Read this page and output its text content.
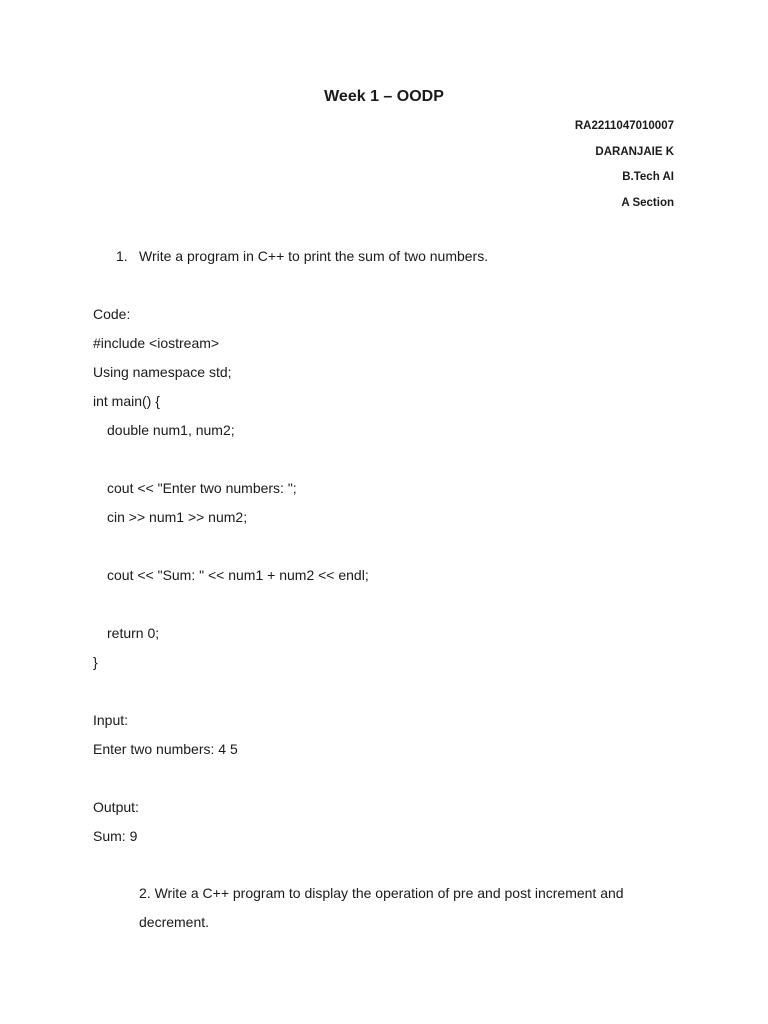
Week 1 – OODP
RA2211047010007
DARANJAIE K
B.Tech AI
A Section
1. Write a program in C++ to print the sum of two numbers.
Code:
#include <iostream>
Using namespace std;
int main() {
double num1, num2;
cout << "Enter two numbers: ";
cin >> num1 >> num2;
cout << "Sum: " << num1 + num2 << endl;
return 0;
}
Input:
Enter two numbers: 4 5
Output:
Sum: 9
2. Write a C++ program to display the operation of pre and post increment and
decrement.
